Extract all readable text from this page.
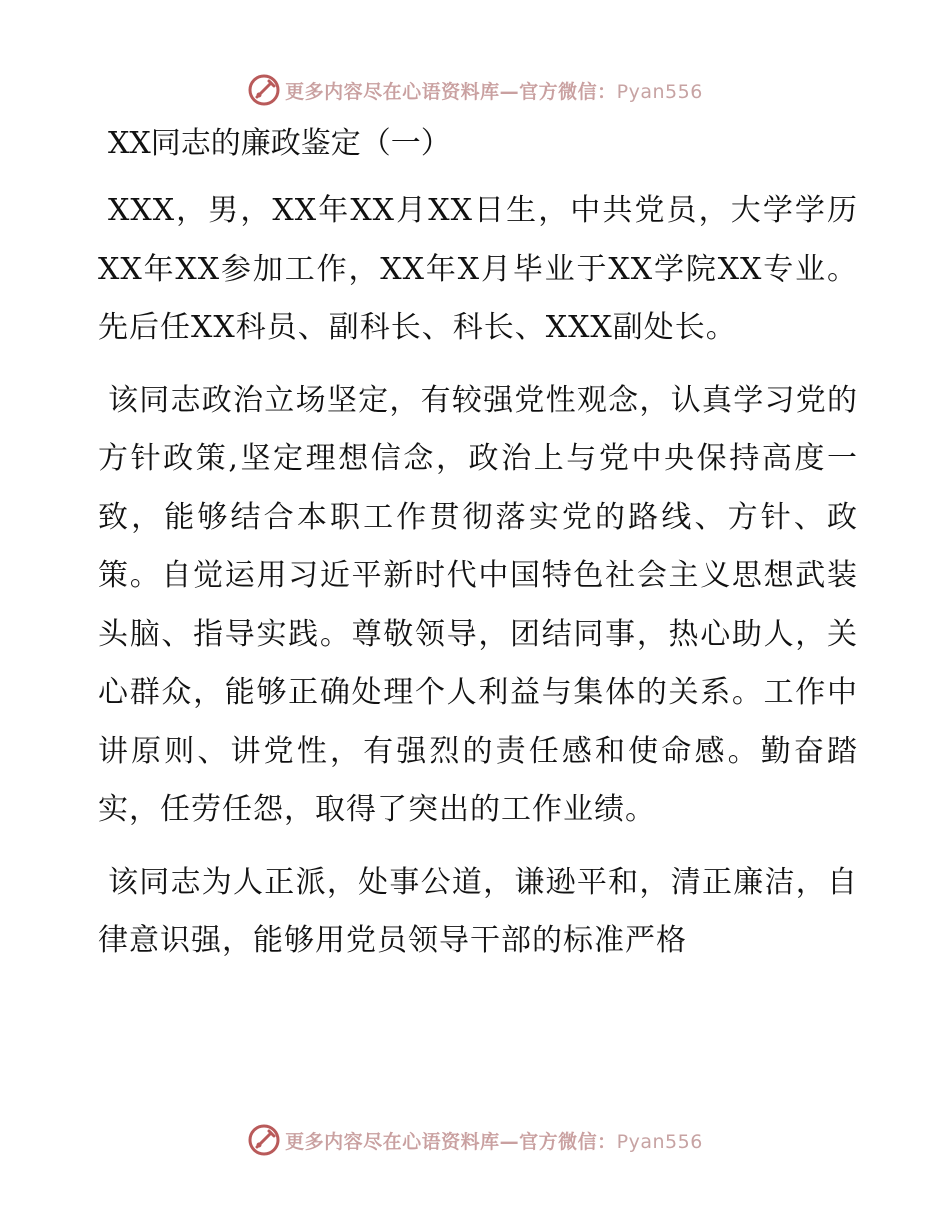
更多内容尽在心语资料库—官方微信：Pyan556
XX同志的廉政鉴定（一）

XXX，男，XX年XX月XX日生，中共党员，大学学历XX年XX参加工作，XX年X月毕业于XX学院XX专业。先后任XX科员、副科长、科长、XXX副处长。

该同志政治立场坚定，有较强党性观念，认真学习党的方针政策,坚定理想信念，政治上与党中央保持高度一致，能够结合本职工作贯彻落实党的路线、方针、政策。自觉运用习近平新时代中国特色社会主义思想武装头脑、指导实践。尊敬领导，团结同事，热心助人，关心群众，能够正确处理个人利益与集体的关系。工作中讲原则、讲党性，有强烈的责任感和使命感。勤奋踏实，任劳任怨，取得了突出的工作业绩。

该同志为人正派，处事公道，谦逊平和，清正廉洁，自律意识强，能够用党员领导干部的标准严格

更多内容尽在心语资料库—官方微信：Pyan556
